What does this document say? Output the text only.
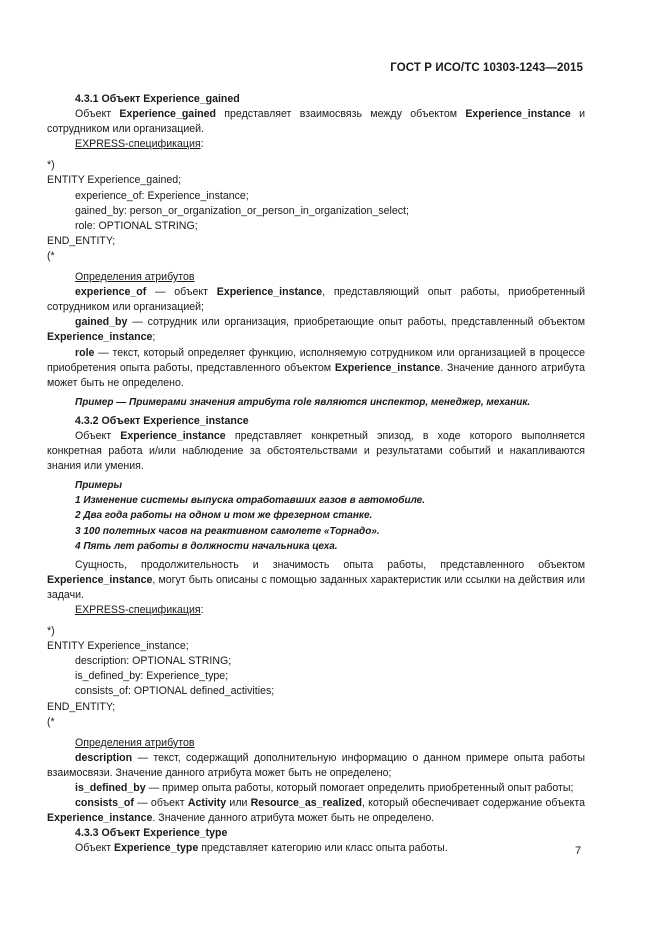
ГОСТ Р ИСО/ТС 10303-1243—2015

4.3.1 Объект Experience_gained

Объект Experience_gained представляет взаимосвязь между объектом Experience_instance и сотрудником или организацией.

EXPRESS-спецификация:

*)

ENTITY Experience_gained;

experience_of: Experience_instance;

gained_by: person_or_organization_or_person_in_organization_select;

role: OPTIONAL STRING;

END_ENTITY;

(*

Определения атрибутов

experience_of — объект Experience_instance, представляющий опыт работы, приобретенный сотрудником или организацией;

gained_by — сотрудник или организация, приобретающие опыт работы, представленный объектом Experience_instance;

role — текст, который определяет функцию, исполняемую сотрудником или организацией в процессе приобретения опыта работы, представленного объектом Experience_instance. Значение данного атрибута может быть не определено.

Пример — Примерами значения атрибута role являются инспектор, менеджер, механик.

4.3.2 Объект Experience_instance

Объект Experience_instance представляет конкретный эпизод, в ходе которого выполняется конкретная работа и/или наблюдение за обстоятельствами и результатами событий и накапливаются знания или умения.

Примеры

1 Изменение системы выпуска отработавших газов в автомобиле.

2 Два года работы на одном и том же фрезерном станке.

3 100 полетных часов на реактивном самолете «Торнадо».

4 Пять лет работы в должности начальника цеха.

Сущность, продолжительность и значимость опыта работы, представленного объектом Experience_instance, могут быть описаны с помощью заданных характеристик или ссылки на действия или задачи.

EXPRESS-спецификация:

*)

ENTITY Experience_instance;

description: OPTIONAL STRING;

is_defined_by: Experience_type;

consists_of: OPTIONAL defined_activities;

END_ENTITY;

(*

Определения атрибутов

description — текст, содержащий дополнительную информацию о данном примере опыта работы взаимосвязи. Значение данного атрибута может быть не определено;

is_defined_by — пример опыта работы, который помогает определить приобретенный опыт работы;

consists_of — объект Activity или Resource_as_realized, который обеспечивает содержание объекта Experience_instance. Значение данного атрибута может быть не определено.

4.3.3 Объект Experience_type

Объект Experience_type представляет категорию или класс опыта работы.	7
